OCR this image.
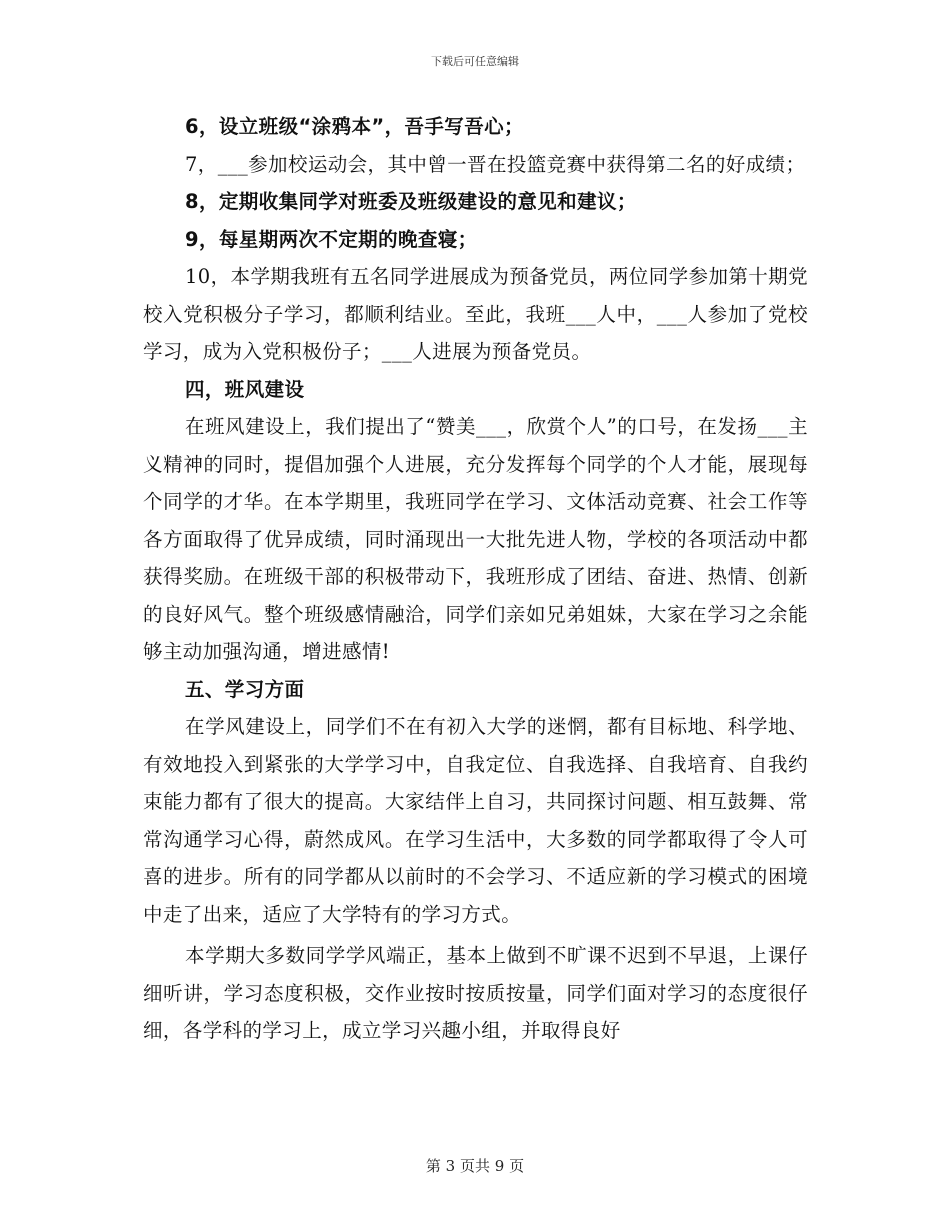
下载后可任意编辑

6，设立班级“涂鸦本”，吾手写吾心；

7，___参加校运动会，其中曾一晋在投篮竞赛中获得第二名的好成绩；

8，定期收集同学对班委及班级建设的意见和建议；

9，每星期两次不定期的晚查寝；

10，本学期我班有五名同学进展成为预备党员，两位同学参加第十期党校入党积极分子学习，都顺利结业。至此，我班___人中，___人参加了党校学习，成为入党积极份子；___人进展为预备党员。

四，班风建设

在班风建设上，我们提出了“赞美___，欣赏个人”的口号，在发扬___主义精神的同时，提倡加强个人进展，充分发挥每个同学的个人才能，展现每个同学的才华。在本学期里，我班同学在学习、文体活动竞赛、社会工作等各方面取得了优异成绩，同时涌现出一大批先进人物，学校的各项活动中都获得奖励。在班级干部的积极带动下，我班形成了团结、奋进、热情、创新的良好风气。整个班级感情融洽，同学们亲如兄弟姐妹，大家在学习之余能够主动加强沟通，增进感情!

五、学习方面

在学风建设上，同学们不在有初入大学的迷惘，都有目标地、科学地、有效地投入到紧张的大学学习中，自我定位、自我选择、自我培育、自我约束能力都有了很大的提高。大家结伴上自习，共同探讨问题、相互鼓舞、常常沟通学习心得，蔚然成风。在学习生活中，大多数的同学都取得了令人可喜的进步。所有的同学都从以前时的不会学习、不适应新的学习模式的困境中走了出来，适应了大学特有的学习方式。

本学期大多数同学学风端正，基本上做到不旷课不迟到不早退，上课仔细听讲，学习态度积极，交作业按时按质按量，同学们面对学习的态度很仔细，各学科的学习上，成立学习兴趣小组，并取得良好

第 3 页共 9 页
